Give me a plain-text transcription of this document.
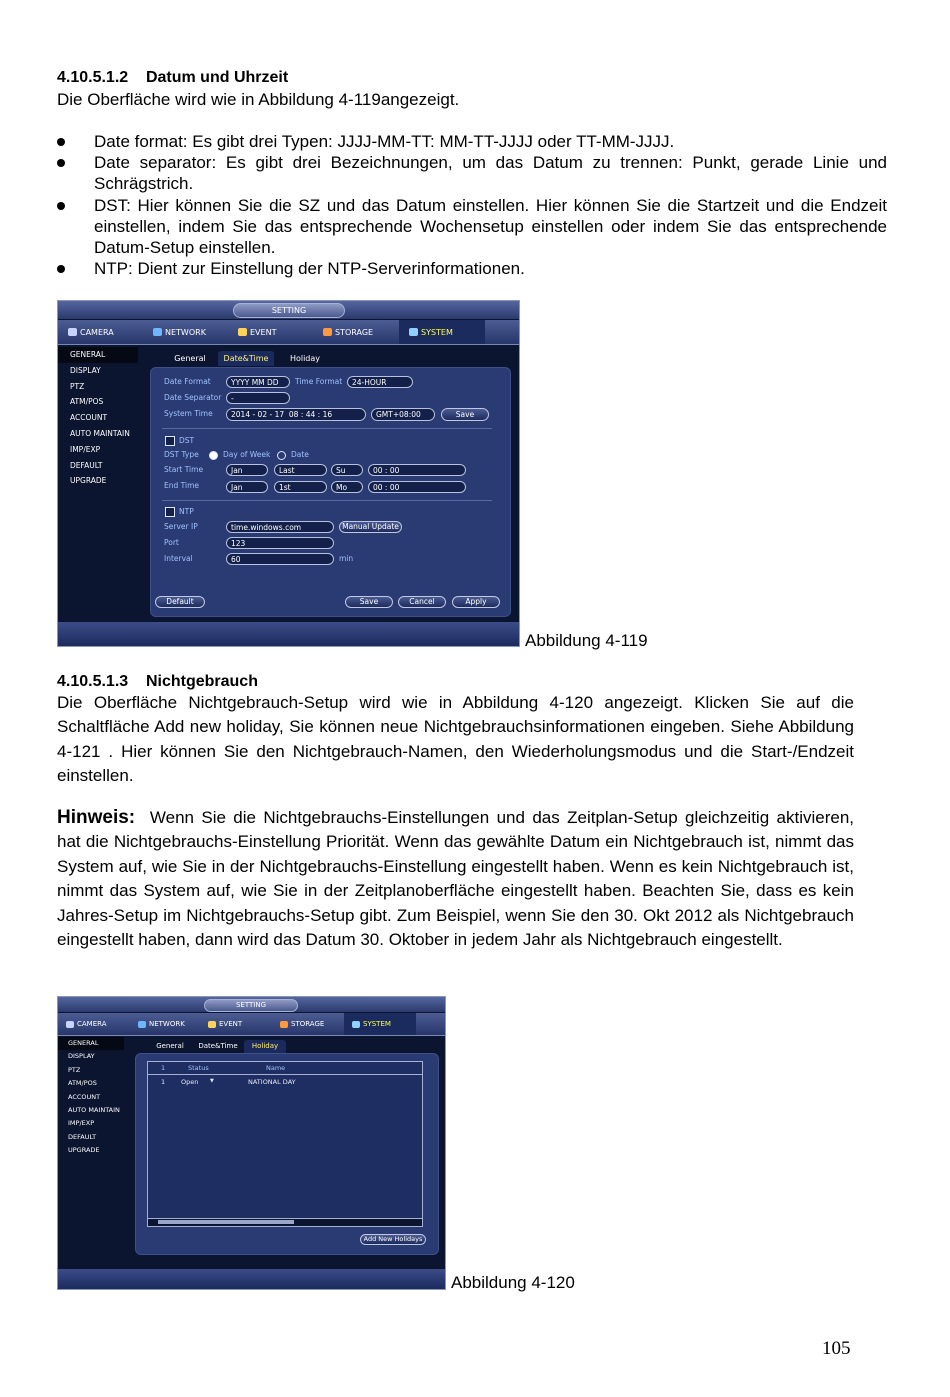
4.10.5.1.2 Datum und Uhrzeit
Die Oberfläche wird wie in Abbildung 4-119angezeigt.
Date format: Es gibt drei Typen: JJJJ-MM-TT: MM-TT-JJJJ oder TT-MM-JJJJ.
Date separator: Es gibt drei Bezeichnungen, um das Datum zu trennen: Punkt, gerade Linie und Schrägstrich.
DST: Hier können Sie die SZ und das Datum einstellen. Hier können Sie die Startzeit und die Endzeit einstellen, indem Sie das entsprechende Wochensetup einstellen oder indem Sie das entsprechende Datum-Setup einstellen.
NTP: Dient zur Einstellung der NTP-Serverinformationen.
SETTING
CAMERA	NETWORK	EVENT	STORAGE	SYSTEM
GENERAL
DISPLAY
PTZ
ATM/POS
ACCOUNT
AUTO MAINTAIN
IMP/EXP
DEFAULT
UPGRADE
General	Date&Time	Holiday
Date Format	YYYY MM DD	Time Format	24-HOUR
Date Separator	-
System Time	2014 - 02 - 17 08 : 44 : 16	GMT+08:00	Save
DST
DST Type	Day of Week	Date
Start Time	Jan	Last	Su	00 : 00
End Time	Jan	1st	Mo	00 : 00
NTP
Server IP	time.windows.com	Manual Update
Port	123
Interval	60	min
Default	Save	Cancel	Apply
Abbildung 4-119
4.10.5.1.3 Nichtgebrauch
Die Oberfläche Nichtgebrauch-Setup wird wie in Abbildung 4-120 angezeigt. Klicken Sie auf die Schaltfläche Add new holiday, Sie können neue Nichtgebrauchsinformationen eingeben. Siehe Abbildung 4-121 . Hier können Sie den Nichtgebrauch-Namen, den Wiederholungsmodus und die Start-/Endzeit einstellen.
Hinweis: Wenn Sie die Nichtgebrauchs-Einstellungen und das Zeitplan-Setup gleichzeitig aktivieren, hat die Nichtgebrauchs-Einstellung Priorität. Wenn das gewählte Datum ein Nichtgebrauch ist, nimmt das System auf, wie Sie in der Nichtgebrauchs-Einstellung eingestellt haben. Wenn es kein Nichtgebrauch ist, nimmt das System auf, wie Sie in der Zeitplanoberfläche eingestellt haben. Beachten Sie, dass es kein Jahres-Setup im Nichtgebrauchs-Setup gibt. Zum Beispiel, wenn Sie den 30. Okt 2012 als Nichtgebrauch eingestellt haben, dann wird das Datum 30. Oktober in jedem Jahr als Nichtgebrauch eingestellt.
SETTING
CAMERA	NETWORK	EVENT	STORAGE	SYSTEM
GENERAL
DISPLAY
PTZ
ATM/POS
ACCOUNT
AUTO MAINTAIN
IMP/EXP
DEFAULT
UPGRADE
General	Date&Time	Holiday
1	Status	Name
1 Open ▼	NATIONAL DAY
Add New Holidays
Abbildung 4-120
105
